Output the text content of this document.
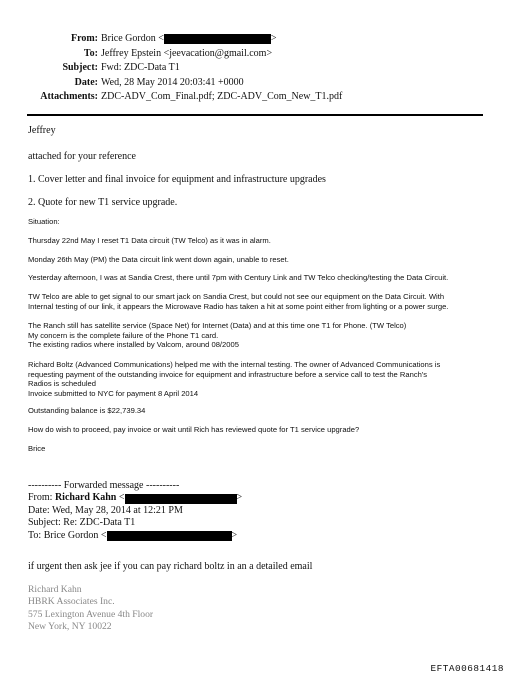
From: Brice Gordon <	>
To: Jeffrey Epstein <jeevacation@gmail.com>
Subject: Fwd: ZDC-Data T1
Date: Wed, 28 May 2014 20:03:41 +0000
Attachments: ZDC-ADV_Com_Final.pdf; ZDC-ADV_Com_New_T1.pdf
Jeffrey
attached for your reference
1. Cover letter and final invoice for equipment and infrastructure upgrades
2. Quote for new T1 service upgrade.
Situation:
Thursday 22nd May I reset T1 Data circuit (TW Telco) as it was in alarm.
Monday 26th May (PM) the Data circuit link went down again, unable to reset.
Yesterday afternoon, I was at Sandia Crest, there until 7pm with Century Link and TW Telco checking/testing the Data Circuit.
TW Telco are able to get signal to our smart jack on Sandia Crest, but could not see our equipment on the Data Circuit. With
Internal testing of our link, it appears the Microwave Radio has taken a hit at some point either from lighting or a power surge.
The Ranch still has satellite service (Space Net) for Internet (Data) and at this time one T1 for Phone. (TW Telco)
My concern is the complete failure of the Phone T1 card.
The existing radios where installed by Valcom, around 08/2005
Richard Boltz (Advanced Communications) helped me with the internal testing. The owner of Advanced Communications is
requesting payment of the outstanding invoice for equipment and infrastructure before a service call to test the Ranch's
Radios is scheduled
Invoice submitted to NYC for payment 8 April 2014
Outstanding balance is $22,739.34
How do wish to proceed, pay invoice or wait until Rich has reviewed quote for T1 service upgrade?
Brice
---------- Forwarded message ----------
From:
Richard Kahn
<	>
Date: Wed, May 28, 2014 at 12:21 PM
Subject: Re: ZDC-Data T1
To: Brice Gordon <	>
if urgent then ask jee if you can pay richard boltz in an a detailed email
Richard Kahn
HBRK Associates Inc.
575 Lexington Avenue 4th Floor
New York, NY 10022
EFTA00681418
